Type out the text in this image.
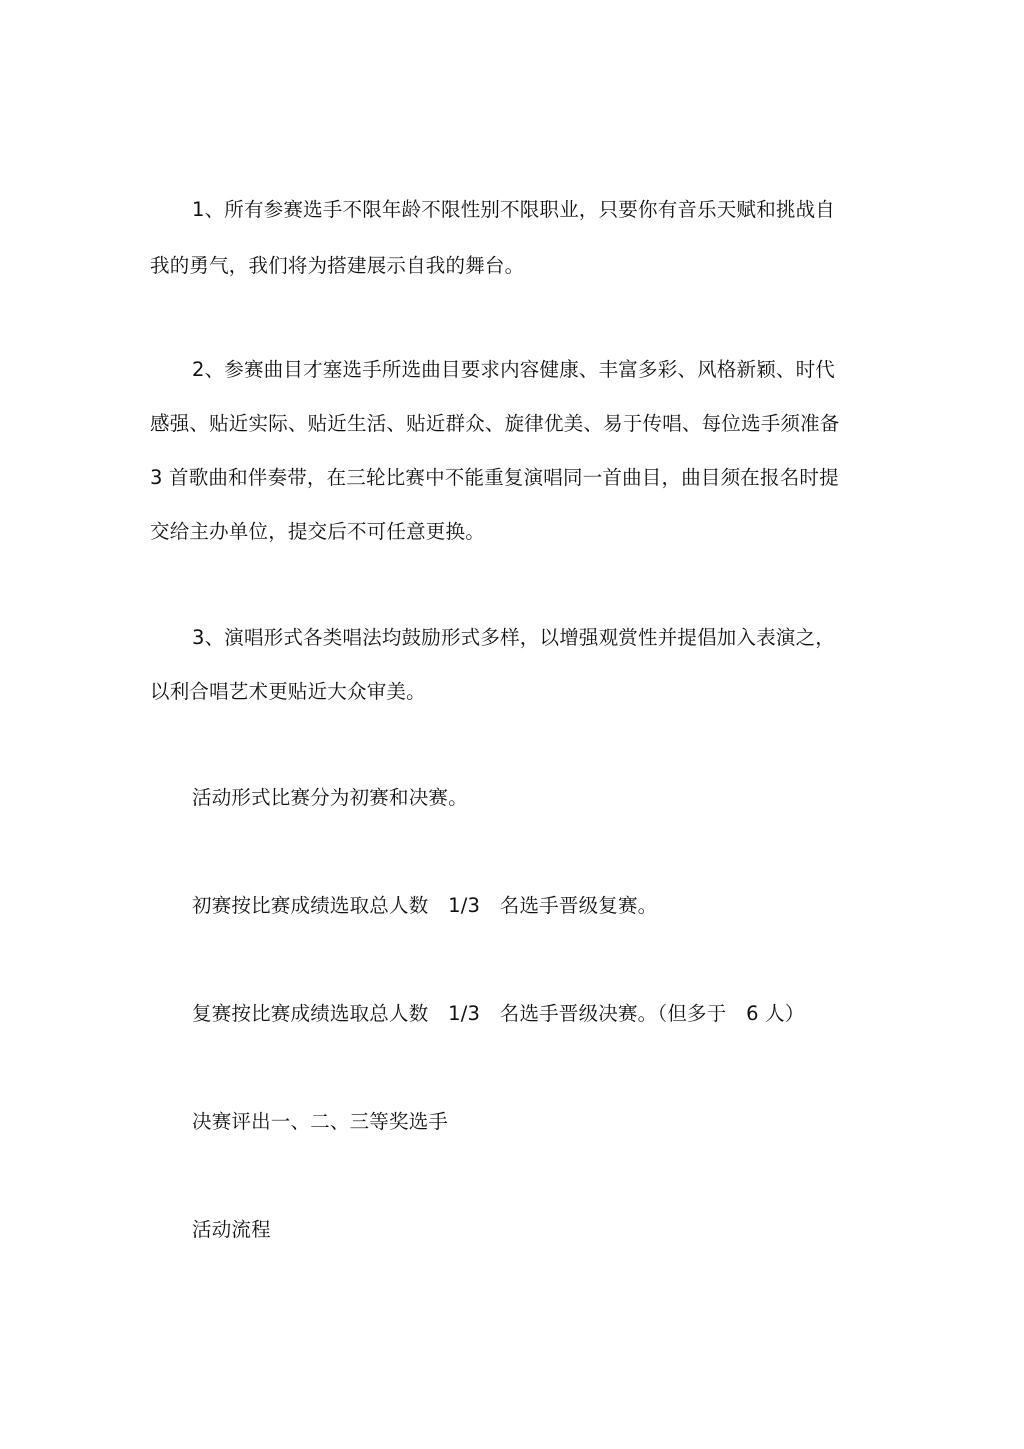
1、所有参赛选手不限年龄不限性别不限职业，只要你有音乐天赋和挑战自
我的勇气，我们将为搭建展示自我的舞台。
2、参赛曲目才塞选手所选曲目要求内容健康、丰富多彩、风格新颖、时代
感强、贴近实际、贴近生活、贴近群众、旋律优美、易于传唱、每位选手须准备
3 首歌曲和伴奏带，在三轮比赛中不能重复演唱同一首曲目，曲目须在报名时提
交给主办单位，提交后不可任意更换。
3、演唱形式各类唱法均鼓励形式多样，以增强观赏性并提倡加入表演之，
以利合唱艺术更贴近大众审美。
活动形式比赛分为初赛和决赛。
初赛按比赛成绩选取总人数　1/3　名选手晋级复赛。
复赛按比赛成绩选取总人数　1/3　名选手晋级决赛。（但多于　6 人）
决赛评出一、二、三等奖选手
活动流程
